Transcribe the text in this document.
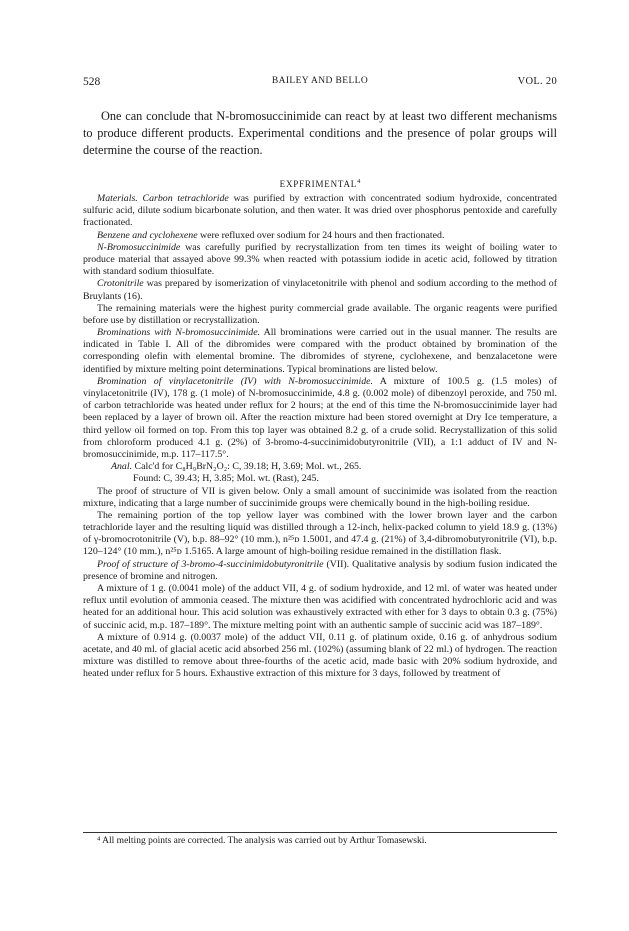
528	BAILEY AND BELLO	VOL. 20

One can conclude that N-bromosuccinimide can react by at least two different mechanisms to produce different products. Experimental conditions and the presence of polar groups will determine the course of the reaction.

EXPFRIMENTAL$^4$

Materials. Carbon tetrachloride was purified by extraction with concentrated sodium hydroxide, concentrated sulfuric acid, dilute sodium bicarbonate solution, and then water. It was dried over phosphorus pentoxide and carefully fractionated.

Benzene and cyclohexene were refluxed over sodium for 24 hours and then fractionated.

N-Bromosuccinimide was carefully purified by recrystallization from ten times its weight of boiling water to produce material that assayed above 99.3% when reacted with potassium iodide in acetic acid, followed by titration with standard sodium thiosulfate.

Crotonitrile was prepared by isomerization of vinylacetonitrile with phenol and sodium according to the method of Bruylants (16).

The remaining materials were the highest purity commercial grade available. The organic reagents were purified before use by distillation or recrystallization.

Brominations with N-bromosuccinimide. All brominations were carried out in the usual manner. The results are indicated in Table I. All of the dibromides were compared with the product obtained by bromination of the corresponding olefin with elemental bromine. The dibromides of styrene, cyclohexene, and benzalacetone were identified by mixture melting point determinations. Typical brominations are listed below.

Bromination of vinylacetonitrile (IV) with N-bromosuccinimide. A mixture of 100.5 g. (1.5 moles) of vinylacetonitrile (IV), 178 g. (1 mole) of N-bromosuccinimide, 4.8 g. (0.002 mole) of dibenzoyl peroxide, and 750 ml. of carbon tetrachloride was heated under reflux for 2 hours; at the end of this time the N-bromosuccinimide layer had been replaced by a layer of brown oil. After the reaction mixture had been stored overnight at Dry Ice temperature, a third yellow oil formed on top. From this top layer was obtained 8.2 g. of a crude solid. Recrystallization of this solid from chloroform produced 4.1 g. (2%) of 3-bromo-4-succinimidobutyronitrile (VII), a 1:1 adduct of IV and N-bromosuccinimide, m.p. 117–117.5°.

Anal. Calc'd for C₈H₉BrN₂O₂: C, 39.18; H, 3.69; Mol. wt., 265.

Found: C, 39.43; H, 3.85; Mol. wt. (Rast), 245.

The proof of structure of VII is given below. Only a small amount of succinimide was isolated from the reaction mixture, indicating that a large number of succinimide groups were chemically bound in the high-boiling residue.

The remaining portion of the top yellow layer was combined with the lower brown layer and the carbon tetrachloride layer and the resulting liquid was distilled through a 12-inch, helix-packed column to yield 18.9 g. (13%) of γ-bromocrotonitrile (V), b.p. 88–92° (10 mm.), n²⁵ᴅ 1.5001, and 47.4 g. (21%) of 3,4-dibromobutyronitrile (VI), b.p. 120–124° (10 mm.), n²⁵ᴅ 1.5165. A large amount of high-boiling residue remained in the distillation flask.

Proof of structure of 3-bromo-4-succinimidobutyronitrile (VII). Qualitative analysis by sodium fusion indicated the presence of bromine and nitrogen.

A mixture of 1 g. (0.0041 mole) of the adduct VII, 4 g. of sodium hydroxide, and 12 ml. of water was heated under reflux until evolution of ammonia ceased. The mixture then was acidified with concentrated hydrochloric acid and was heated for an additional hour. This acid solution was exhaustively extracted with ether for 3 days to obtain 0.3 g. (75%) of succinic acid, m.p. 187–189°. The mixture melting point with an authentic sample of succinic acid was 187–189°.

A mixture of 0.914 g. (0.0037 mole) of the adduct VII, 0.11 g. of platinum oxide, 0.16 g. of anhydrous sodium acetate, and 40 ml. of glacial acetic acid absorbed 256 ml. (102%) (assuming blank of 22 ml.) of hydrogen. The reaction mixture was distilled to remove about three-fourths of the acetic acid, made basic with 20% sodium hydroxide, and heated under reflux for 5 hours. Exhaustive extraction of this mixture for 3 days, followed by treatment of

⁴ All melting points are corrected. The analysis was carried out by Arthur Tomasewski.
